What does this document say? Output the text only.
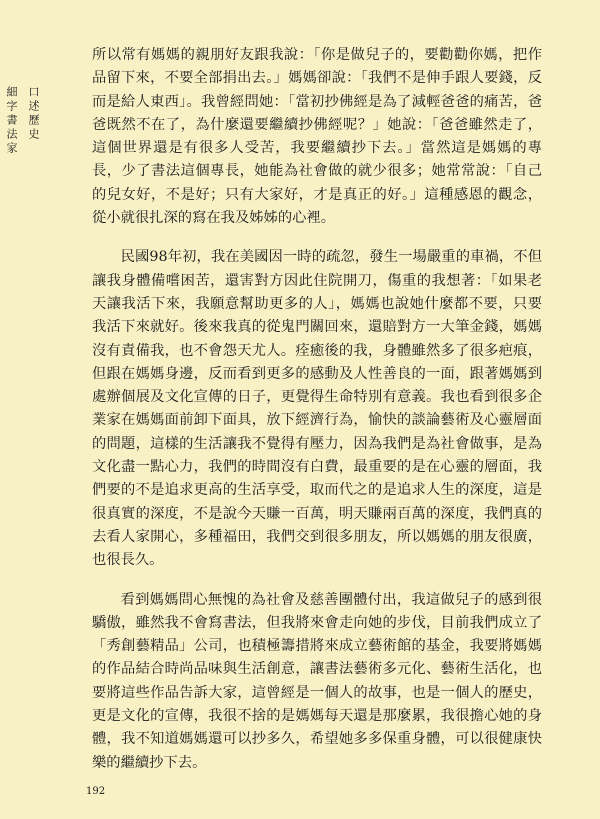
口述歷史
細字書法家

所以常有媽媽的親朋好友跟我說：「你是做兒子的，要勸勸你媽，把作品留下來，不要全部捐出去。」媽媽卻說：「我們不是伸手跟人要錢，反而是給人東西」。我曾經問她：「當初抄佛經是為了減輕爸爸的痛苦，爸爸既然不在了，為什麼還要繼續抄佛經呢？」她說：「爸爸雖然走了，這個世界還是有很多人受苦，我要繼續抄下去。」當然這是媽媽的專長，少了書法這個專長，她能為社會做的就少很多；她常常說：「自己的兒女好，不是好；只有大家好，才是真正的好。」這種感恩的觀念，從小就很扎深的寫在我及姊姊的心裡。

民國98年初，我在美國因一時的疏忽，發生一場嚴重的車禍，不但讓我身體備嚐困苦，還害對方因此住院開刀，傷重的我想著：「如果老天讓我活下來，我願意幫助更多的人」，媽媽也說她什麼都不要，只要我活下來就好。後來我真的從鬼門關回來，還賠對方一大筆金錢，媽媽沒有責備我，也不會怨天尤人。痊癒後的我，身體雖然多了很多疤痕，但跟在媽媽身邊，反而看到更多的感動及人性善良的一面，跟著媽媽到處辦個展及文化宣傳的日子，更覺得生命特別有意義。我也看到很多企業家在媽媽面前卸下面具，放下經濟行為，愉快的談論藝術及心靈層面的問題，這樣的生活讓我不覺得有壓力，因為我們是為社會做事，是為文化盡一點心力，我們的時間沒有白費，最重要的是在心靈的層面，我們要的不是追求更高的生活享受，取而代之的是追求人生的深度，這是很真實的深度，不是說今天賺一百萬，明天賺兩百萬的深度，我們真的去看人家開心，多種福田，我們交到很多朋友，所以媽媽的朋友很廣，也很長久。

看到媽媽問心無愧的為社會及慈善團體付出，我這做兒子的感到很驕傲，雖然我不會寫書法，但我將來會走向她的步伐，目前我們成立了「秀創藝精品」公司，也積極籌措將來成立藝術館的基金，我要將媽媽的作品結合時尚品味與生活創意，讓書法藝術多元化、藝術生活化，也要將這些作品告訴大家，這曾經是一個人的故事，也是一個人的歷史，更是文化的宣傳，我很不捨的是媽媽每天還是那麼累，我很擔心她的身體，我不知道媽媽還可以抄多久，希望她多多保重身體，可以很健康快樂的繼續抄下去。

192
